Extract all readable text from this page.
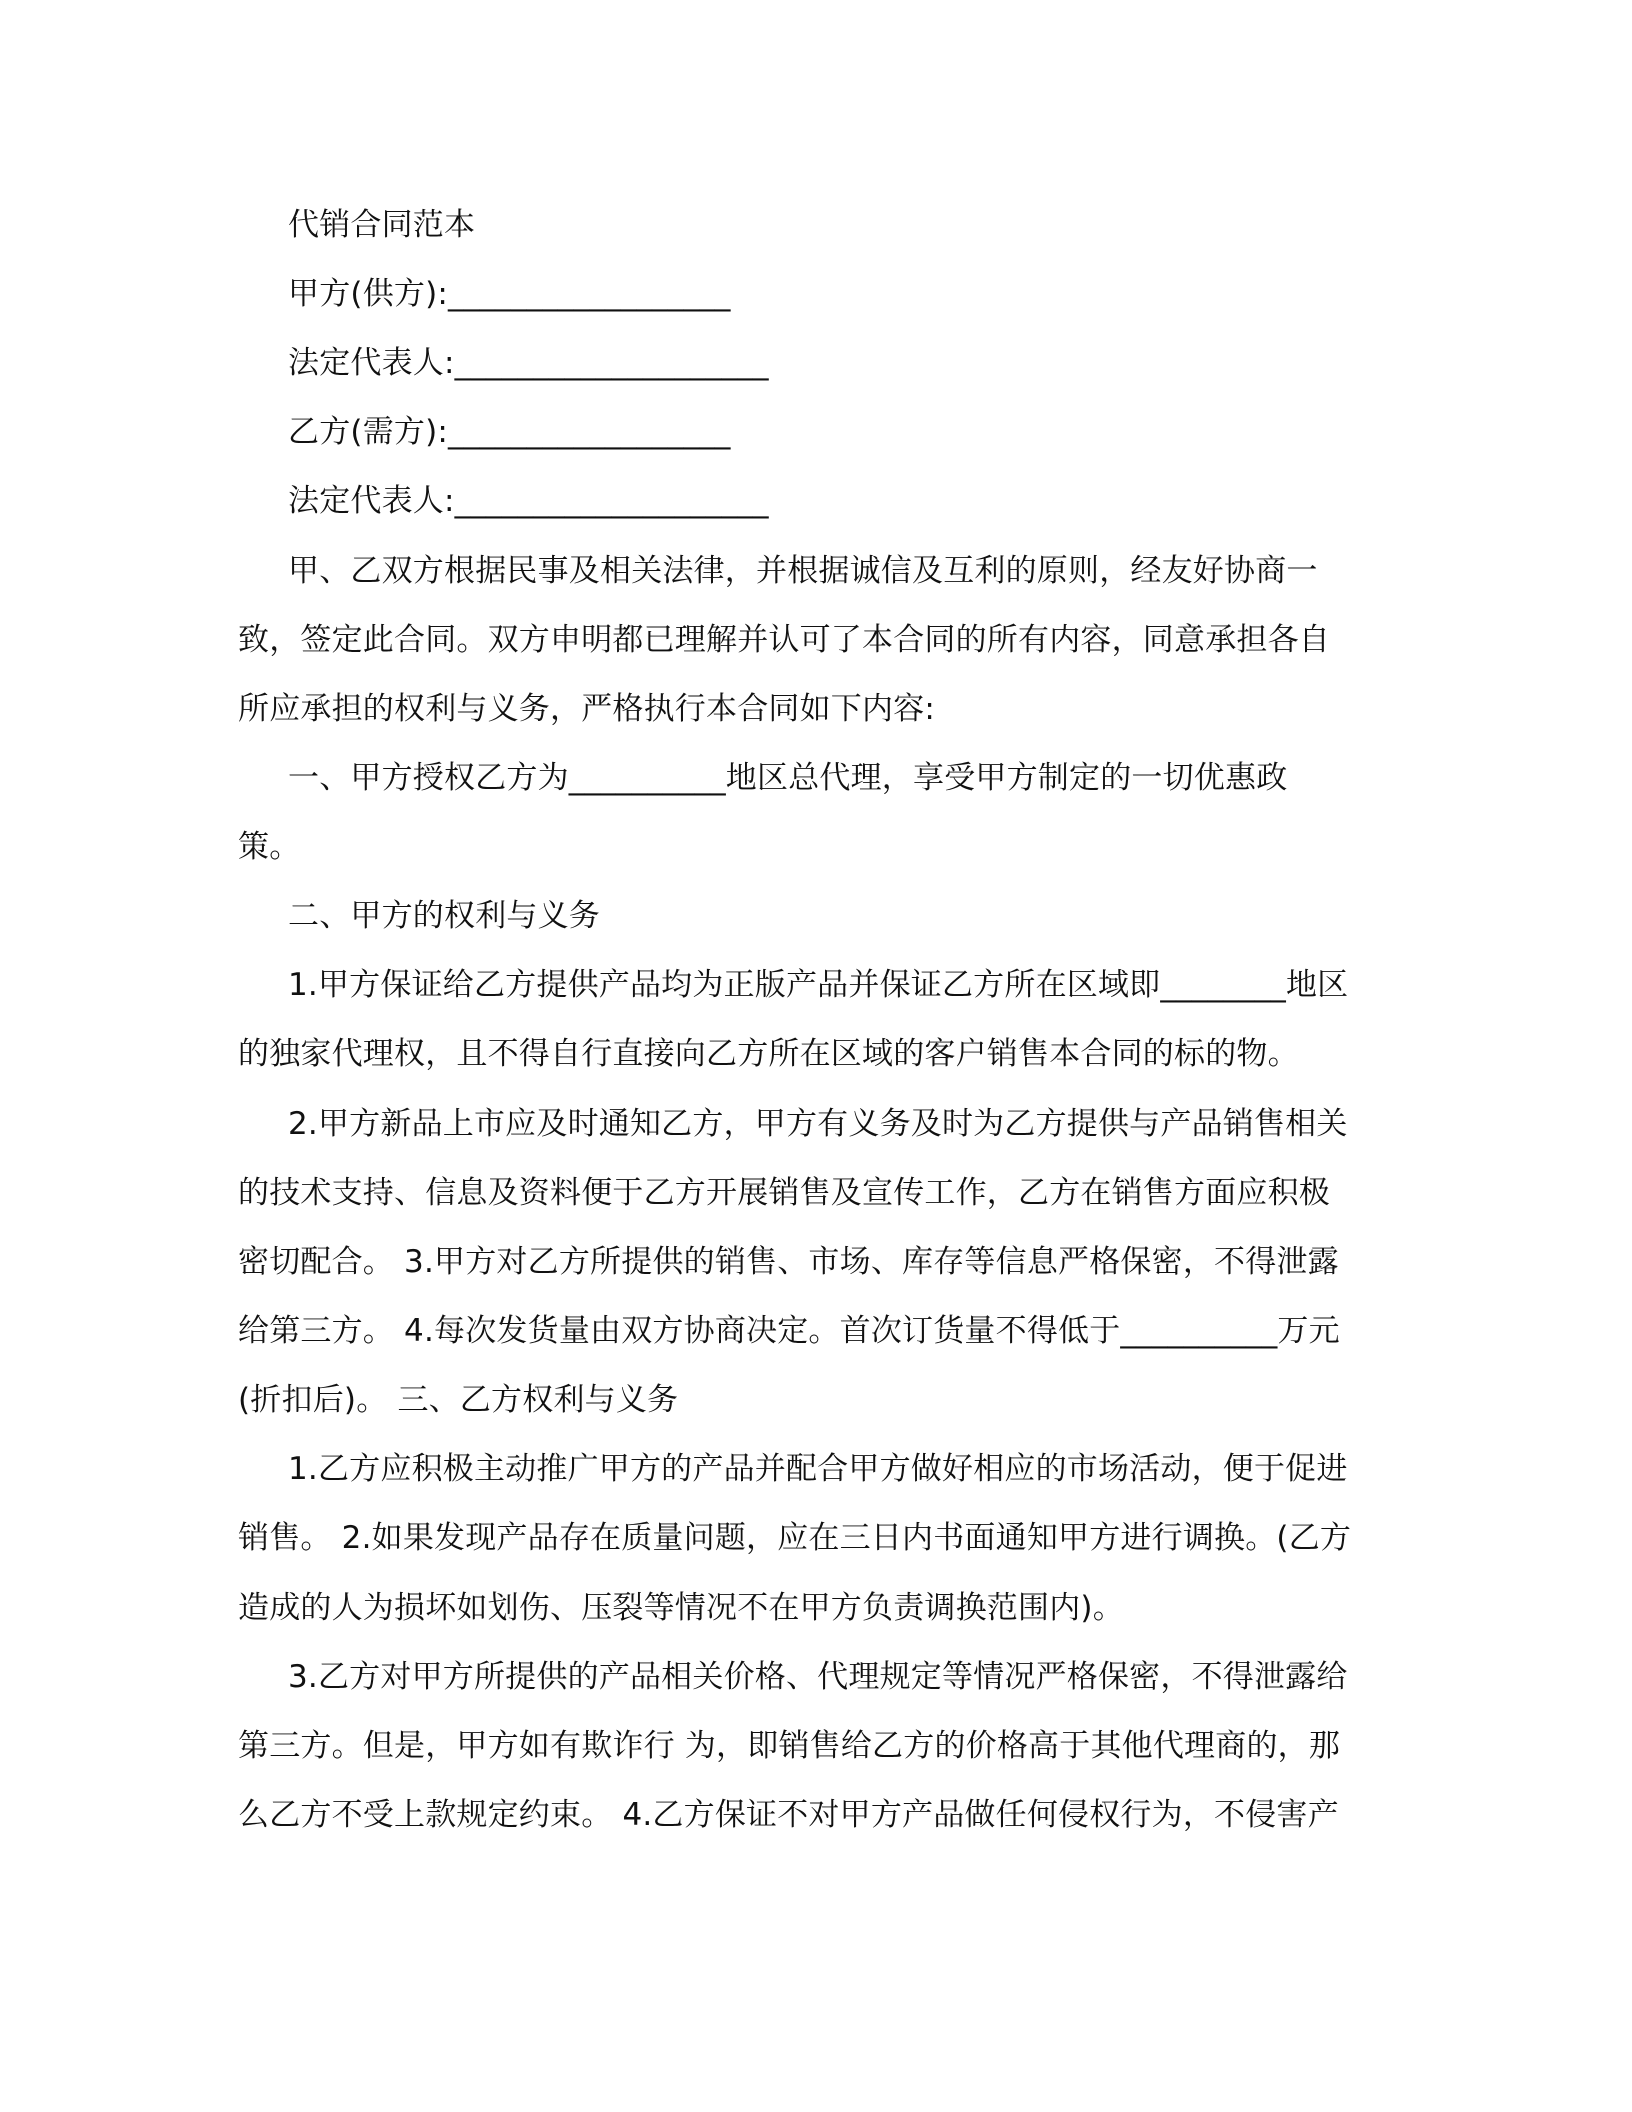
代销合同范本
甲方(供方):__________________
法定代表人:____________________
乙方(需方):__________________
法定代表人:____________________
甲、乙双方根据民事及相关法律，并根据诚信及互利的原则，经友好协商一
致，签定此合同。双方申明都已理解并认可了本合同的所有内容，同意承担各自
所应承担的权利与义务，严格执行本合同如下内容:
一、甲方授权乙方为__________地区总代理，享受甲方制定的一切优惠政
策。
二、甲方的权利与义务
1.甲方保证给乙方提供产品均为正版产品并保证乙方所在区域即________地区
的独家代理权，且不得自行直接向乙方所在区域的客户销售本合同的标的物。
2.甲方新品上市应及时通知乙方，甲方有义务及时为乙方提供与产品销售相关
的技术支持、信息及资料便于乙方开展销售及宣传工作，乙方在销售方面应积极
密切配合。 3.甲方对乙方所提供的销售、市场、库存等信息严格保密，不得泄露
给第三方。 4.每次发货量由双方协商决定。首次订货量不得低于__________万元
(折扣后)。 三、乙方权利与义务
1.乙方应积极主动推广甲方的产品并配合甲方做好相应的市场活动，便于促进
销售。 2.如果发现产品存在质量问题，应在三日内书面通知甲方进行调换。(乙方
造成的人为损坏如划伤、压裂等情况不在甲方负责调换范围内)。
3.乙方对甲方所提供的产品相关价格、代理规定等情况严格保密，不得泄露给
第三方。但是，甲方如有欺诈行 为，即销售给乙方的价格高于其他代理商的，那
么乙方不受上款规定约束。 4.乙方保证不对甲方产品做任何侵权行为，不侵害产
